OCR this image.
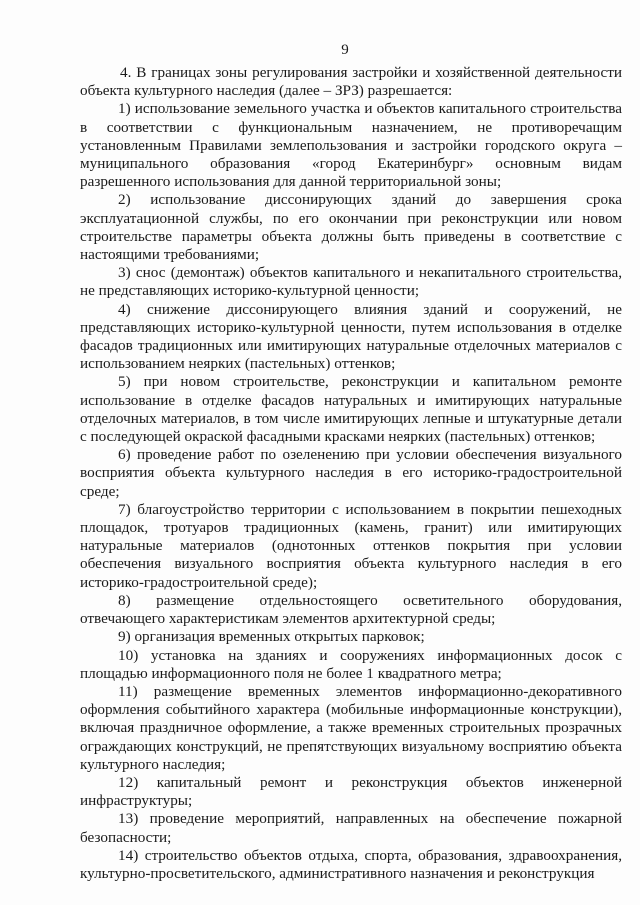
9

4. В границах зоны регулирования застройки и хозяйственной деятельности объекта культурного наследия (далее – ЗРЗ) разрешается:

1) использование земельного участка и объектов капитального строительства в соответствии с функциональным назначением, не противоречащим установленным Правилами землепользования и застройки городского округа – муниципального образования «город Екатеринбург» основным видам разрешенного использования для данной территориальной зоны;

2) использование диссонирующих зданий до завершения срока эксплуатационной службы, по его окончании при реконструкции или новом строительстве параметры объекта должны быть приведены в соответствие с настоящими требованиями;

3) снос (демонтаж) объектов капитального и некапитального строительства, не представляющих историко-культурной ценности;

4) снижение диссонирующего влияния зданий и сооружений, не представляющих историко-культурной ценности, путем использования в отделке фасадов традиционных или имитирующих натуральные отделочных материалов с использованием неярких (пастельных) оттенков;

5) при новом строительстве, реконструкции и капитальном ремонте использование в отделке фасадов натуральных и имитирующих натуральные отделочных материалов, в том числе имитирующих лепные и штукатурные детали с последующей окраской фасадными красками неярких (пастельных) оттенков;

6) проведение работ по озеленению при условии обеспечения визуального восприятия объекта культурного наследия в его историко-градостроительной среде;

7) благоустройство территории с использованием в покрытии пешеходных площадок, тротуаров традиционных (камень, гранит) или имитирующих натуральные материалов (однотонных оттенков покрытия при условии обеспечения визуального восприятия объекта культурного наследия в его историко-градостроительной среде);

8) размещение отдельностоящего осветительного оборудования, отвечающего характеристикам элементов архитектурной среды;

9) организация временных открытых парковок;

10) установка на зданиях и сооружениях информационных досок с площадью информационного поля не более 1 квадратного метра;

11) размещение временных элементов информационно-декоративного оформления событийного характера (мобильные информационные конструкции), включая праздничное оформление, а также временных строительных прозрачных ограждающих конструкций, не препятствующих визуальному восприятию объекта культурного наследия;

12) капитальный ремонт и реконструкция объектов инженерной инфраструктуры;

13) проведение мероприятий, направленных на обеспечение пожарной безопасности;

14) строительство объектов отдыха, спорта, образования, здравоохранения, культурно-просветительского, административного назначения и реконструкция
